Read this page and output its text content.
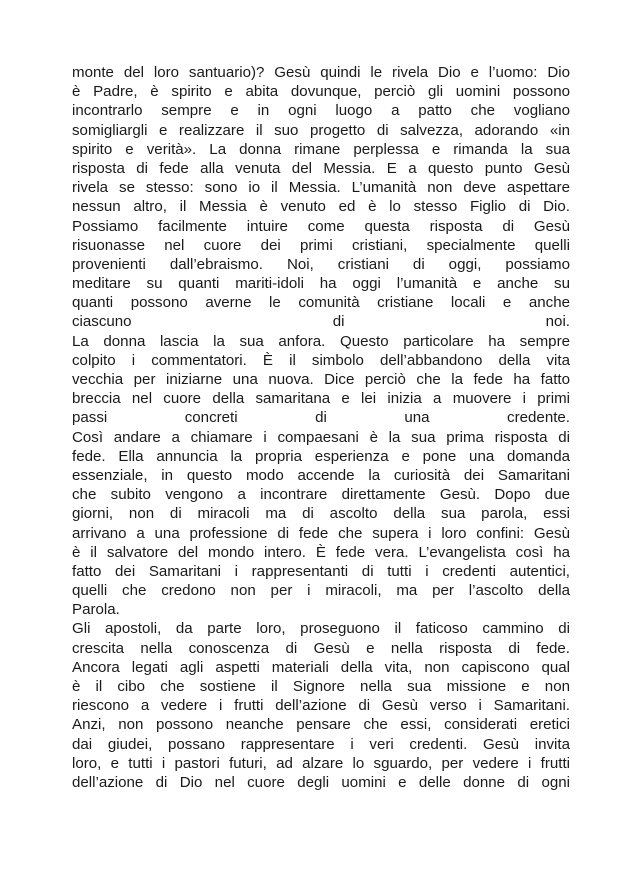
monte del loro santuario)? Gesù quindi le rivela Dio e l’uomo: Dio
è Padre, è spirito e abita dovunque, perciò gli uomini possono
incontrarlo sempre e in ogni luogo a patto che vogliano
somigliargli e realizzare il suo progetto di salvezza, adorando «in
spirito e verità». La donna rimane perplessa e rimanda la sua
risposta di fede alla venuta del Messia. E a questo punto Gesù
rivela se stesso: sono io il Messia. L’umanità non deve aspettare
nessun altro, il Messia è venuto ed è lo stesso Figlio di Dio.
Possiamo facilmente intuire come questa risposta di Gesù
risuonasse nel cuore dei primi cristiani, specialmente quelli
provenienti dall’ebraismo. Noi, cristiani di oggi, possiamo
meditare su quanti mariti-idoli ha oggi l’umanità e anche su
quanti possono averne le comunità cristiane locali e anche
ciascuno di noi.
La donna lascia la sua anfora. Questo particolare ha sempre
colpito i commentatori. È il simbolo dell’abbandono della vita
vecchia per iniziarne una nuova. Dice perciò che la fede ha fatto
breccia nel cuore della samaritana e lei inizia a muovere i primi
passi concreti di una credente.
Così andare a chiamare i compaesani è la sua prima risposta di
fede. Ella annuncia la propria esperienza e pone una domanda
essenziale, in questo modo accende la curiosità dei Samaritani
che subito vengono a incontrare direttamente Gesù. Dopo due
giorni, non di miracoli ma di ascolto della sua parola, essi
arrivano a una professione di fede che supera i loro confini: Gesù
è il salvatore del mondo intero. È fede vera. L’evangelista così ha
fatto dei Samaritani i rappresentanti di tutti i credenti autentici,
quelli che credono non per i miracoli, ma per l’ascolto della
Parola.
Gli apostoli, da parte loro, proseguono il faticoso cammino di
crescita nella conoscenza di Gesù e nella risposta di fede.
Ancora legati agli aspetti materiali della vita, non capiscono qual
è il cibo che sostiene il Signore nella sua missione e non
riescono a vedere i frutti dell’azione di Gesù verso i Samaritani.
Anzi, non possono neanche pensare che essi, considerati eretici
dai giudei, possano rappresentare i veri credenti. Gesù invita
loro, e tutti i pastori futuri, ad alzare lo sguardo, per vedere i frutti
dell’azione di Dio nel cuore degli uomini e delle donne di ogni
